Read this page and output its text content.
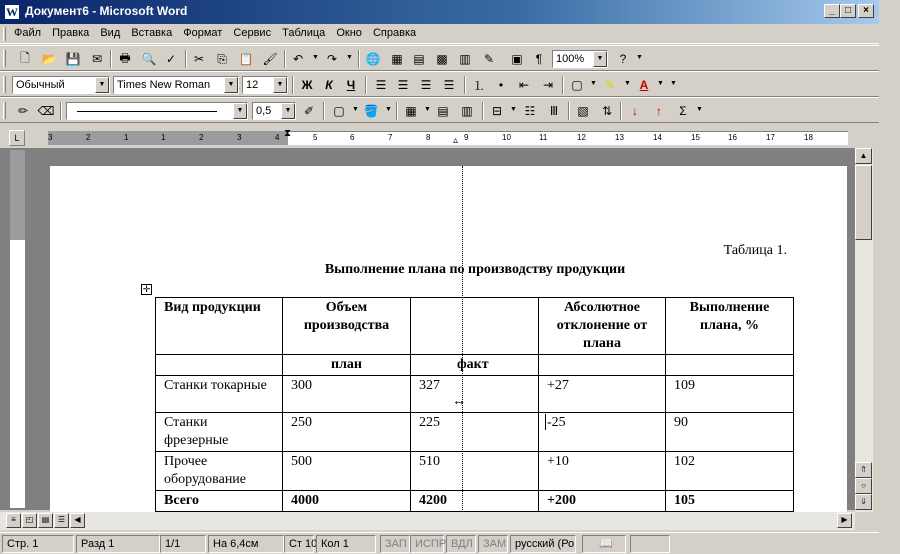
W Документ6 - Microsoft Word	_	□	×
Файл Правка Вид Вставка Формат Сервис Таблица Окно Справка
🗋 📂 💾 ✉	🖶 🔍 ✓	✂	⎘ 📋 🖌	↶	▼ ↷	▼ 🌐 ▦ ▤ ▩ ▥	✎	▣	¶	100%	▼	?	▼
Обычный	▼	Times New Roman	▼	12	▼ Ж	К	Ч	☰ ☰	☰	☰	⒈	•	⇤	⇥	▢	▼ ✎	▼ A	▼ ▼
✏ ⌫	▼	0,5	▼	✐	▢	▼ 🪣 ▼ ▦	▼ ▤ ▥	⊟	▼ ☷	Ⅲ	▧	⇅	↓	↑	Σ	▼
L	3	2	1	1	2	3	4	5	6	7	8	9	10	11	12	13	14	15	16	17	18
⧗
▵
Таблица 1.
Выполнение плана по производству продукции
✛
Вид продукции	Объем производства		Абсолютное отклонение от плана	Выполнение плана, %
	план	факт		
Станки токарные	300	327	+27	109
Станки фрезерные	250	225	-25	90
Прочее оборудование	500	510	+10	102
Всего	4000	4200	+200	105
↔
▲
⇑
○
⇓
≡	◰	▤	☰	◀	▶
Стр. 1	Разд 1	1/1	На 6,4см	Ст 10 Кол 1	ЗАП ИСПР ВДЛ ЗАМ русский (Ро	📖
